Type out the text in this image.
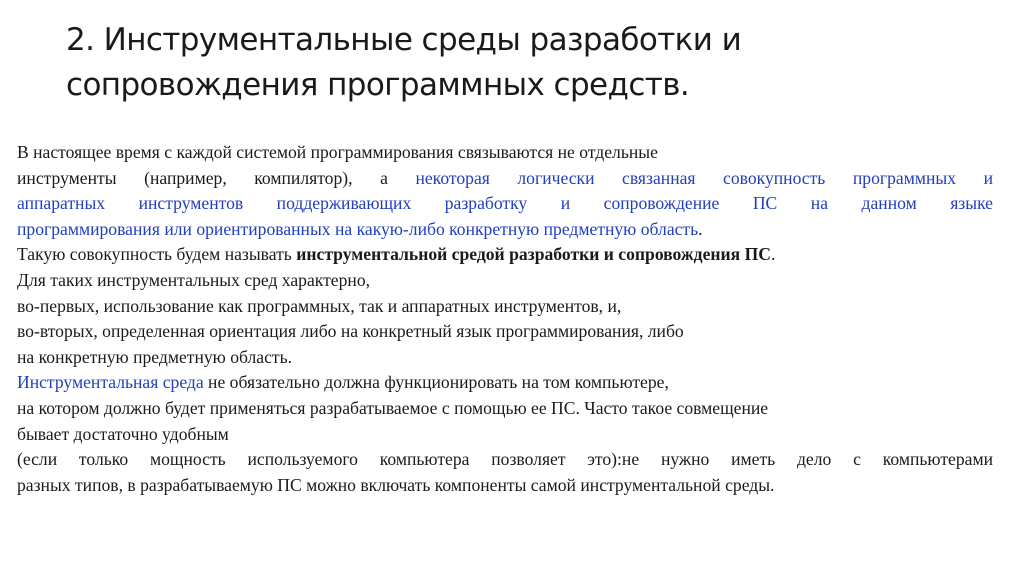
2. Инструментальные среды разработки и
сопровождения программных средств.
В настоящее время с каждой системой программирования связываются не отдельные
инструменты (например, компилятор), а некоторая логически связанная совокупность программных и
аппаратных инструментов поддерживающих разработку и сопровождение ПС на данном языке
программирования или ориентированных на какую-либо конкретную предметную область.
Такую совокупность будем называть инструментальной средой разработки и сопровождения ПС.
Для таких инструментальных сред характерно,
во-первых, использование как программных, так и аппаратных инструментов, и,
во-вторых, определенная ориентация либо на конкретный язык программирования, либо
на конкретную предметную область.
Инструментальная среда не обязательно должна функционировать на том компьютере,
на котором должно будет применяться разрабатываемое с помощью ее ПС. Часто такое совмещение
бывает достаточно удобным
(если только мощность используемого компьютера позволяет это):не нужно иметь дело с компьютерами
разных типов, в разрабатываемую ПС можно включать компоненты самой инструментальной среды.
